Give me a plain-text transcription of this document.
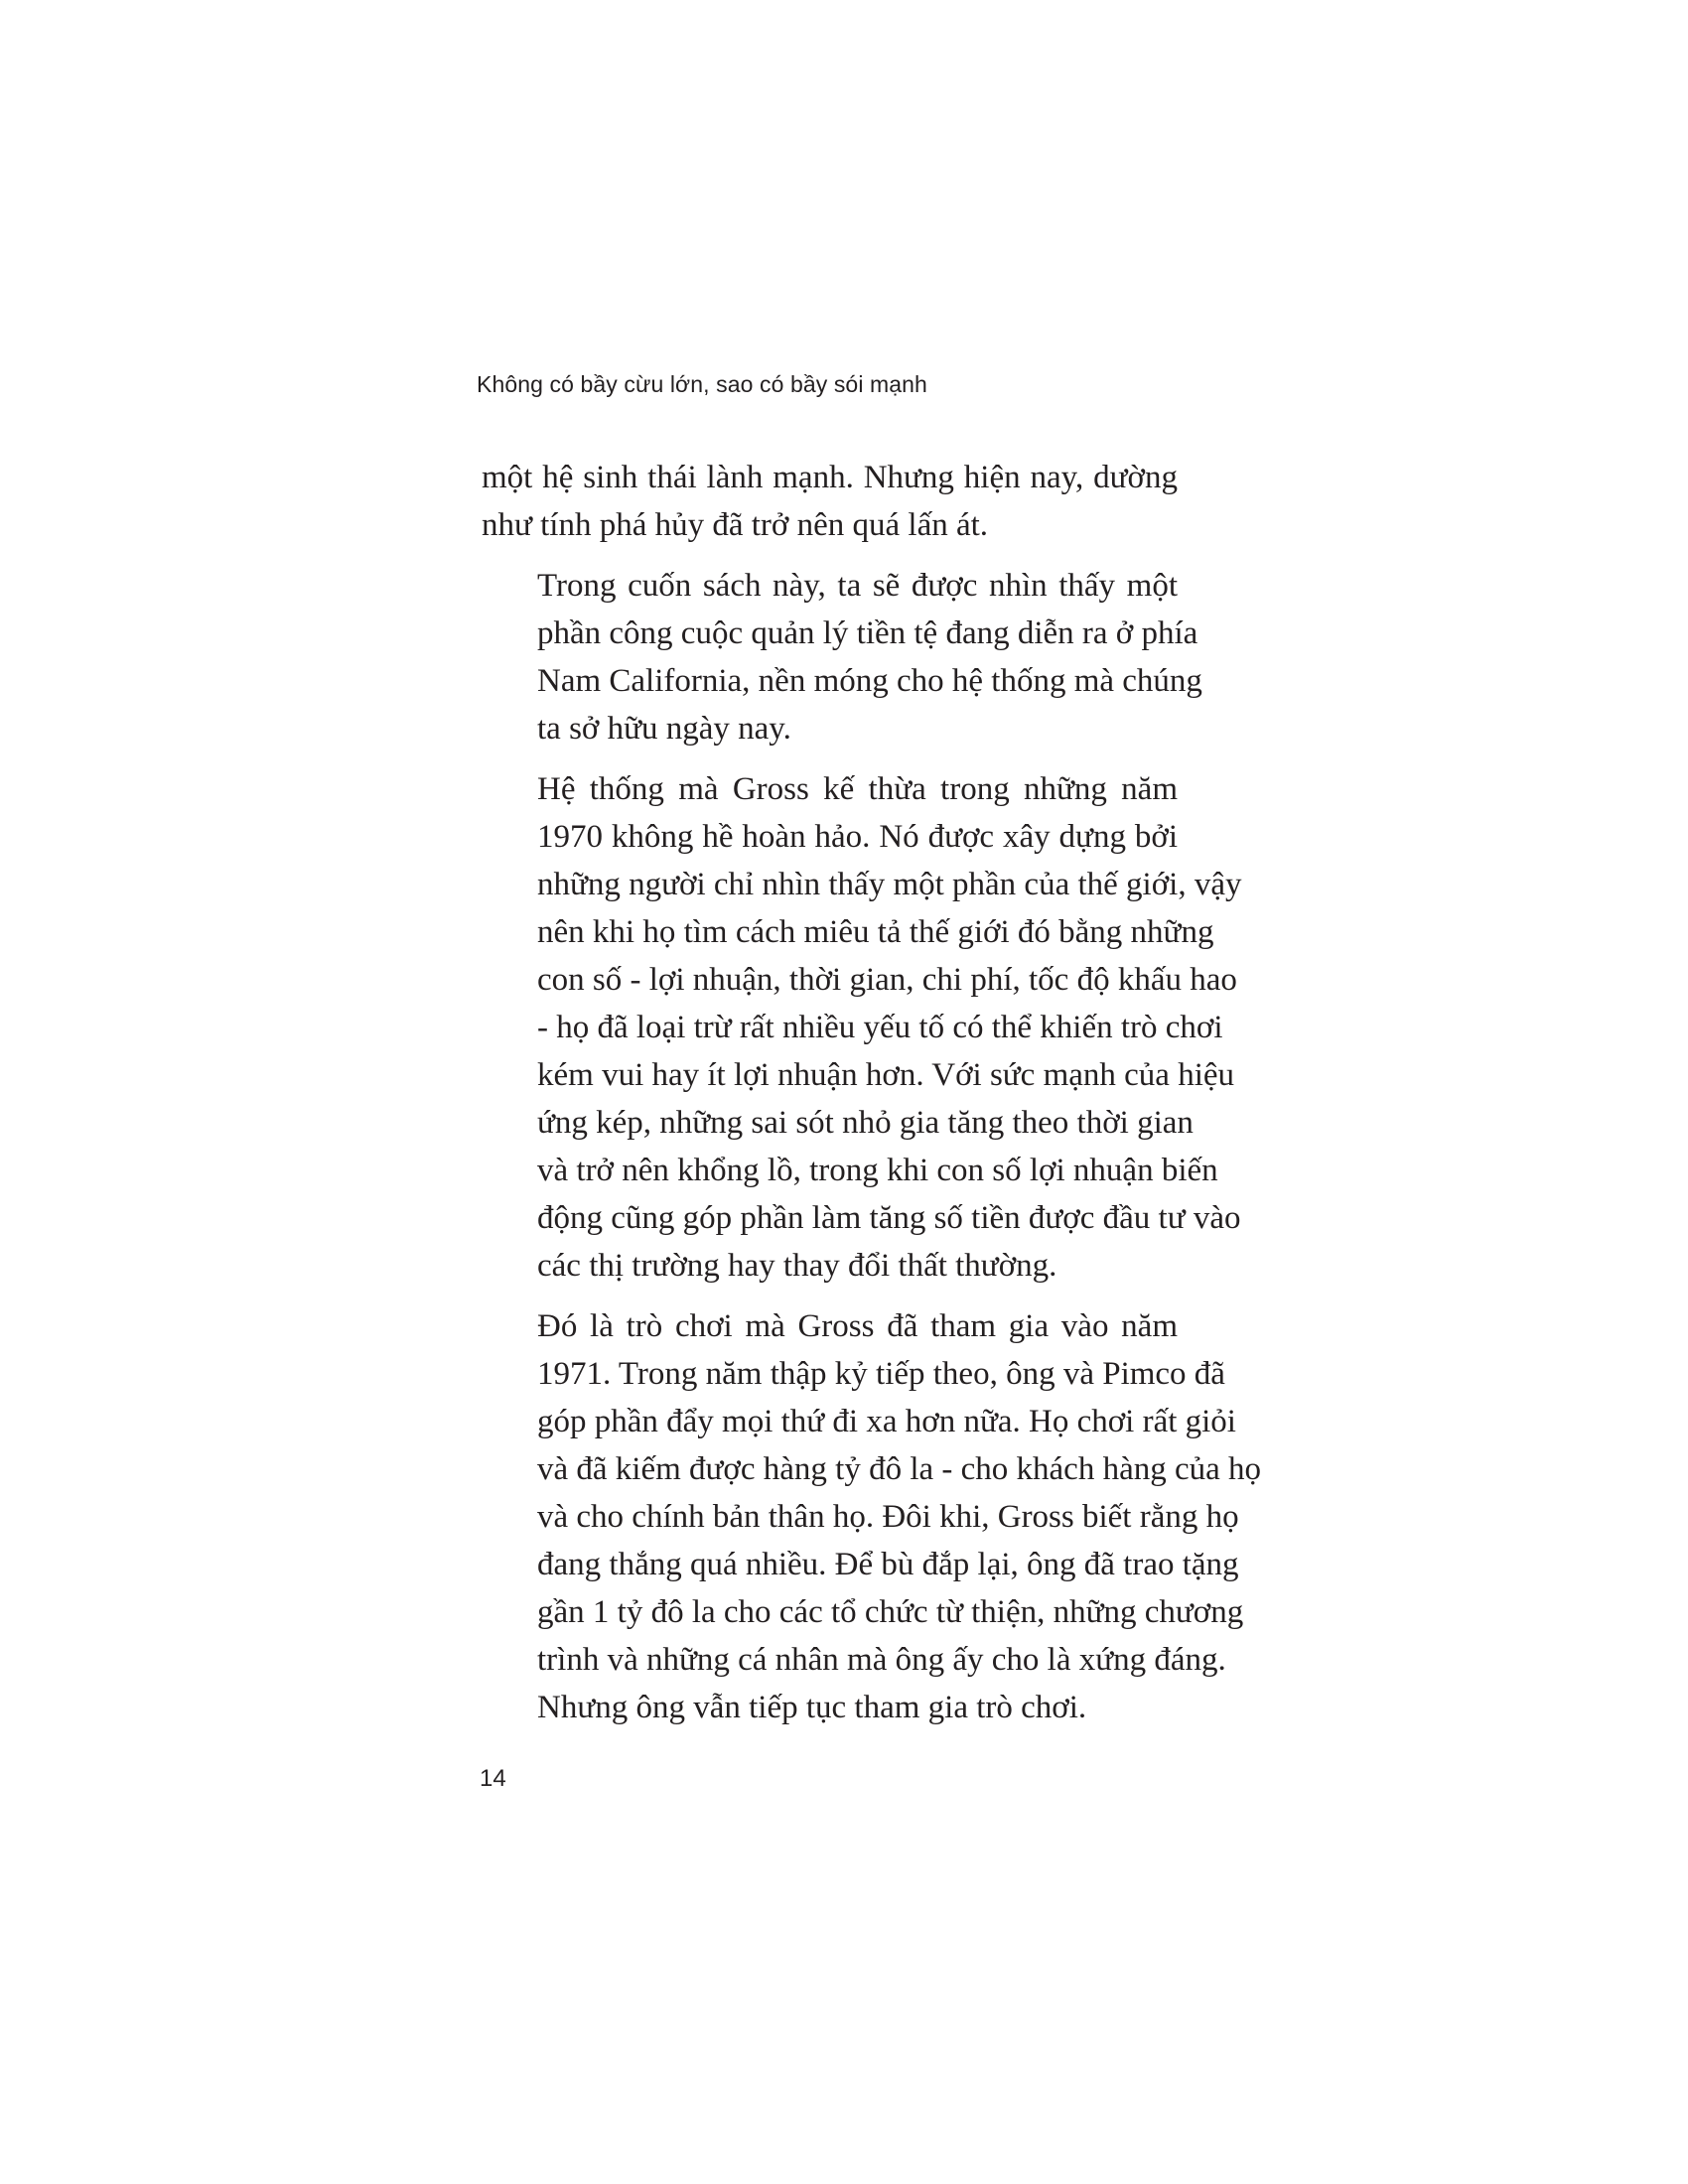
Không có bầy cừu lớn, sao có bầy sói mạnh

một hệ sinh thái lành mạnh. Nhưng hiện nay, dường
như tính phá hủy đã trở nên quá lấn át.

Trong cuốn sách này, ta sẽ được nhìn thấy một
phần công cuộc quản lý tiền tệ đang diễn ra ở phía
Nam California, nền móng cho hệ thống mà chúng
ta sở hữu ngày nay.

Hệ thống mà Gross kế thừa trong những năm
1970 không hề hoàn hảo. Nó được xây dựng bởi
những người chỉ nhìn thấy một phần của thế giới, vậy
nên khi họ tìm cách miêu tả thế giới đó bằng những
con số - lợi nhuận, thời gian, chi phí, tốc độ khấu hao
- họ đã loại trừ rất nhiều yếu tố có thể khiến trò chơi
kém vui hay ít lợi nhuận hơn. Với sức mạnh của hiệu
ứng kép, những sai sót nhỏ gia tăng theo thời gian
và trở nên khổng lồ, trong khi con số lợi nhuận biến
động cũng góp phần làm tăng số tiền được đầu tư vào
các thị trường hay thay đổi thất thường.

Đó là trò chơi mà Gross đã tham gia vào năm
1971. Trong năm thập kỷ tiếp theo, ông và Pimco đã
góp phần đẩy mọi thứ đi xa hơn nữa. Họ chơi rất giỏi
và đã kiếm được hàng tỷ đô la - cho khách hàng của họ
và cho chính bản thân họ. Đôi khi, Gross biết rằng họ
đang thắng quá nhiều. Để bù đắp lại, ông đã trao tặng
gần 1 tỷ đô la cho các tổ chức từ thiện, những chương
trình và những cá nhân mà ông ấy cho là xứng đáng.
Nhưng ông vẫn tiếp tục tham gia trò chơi.

14
